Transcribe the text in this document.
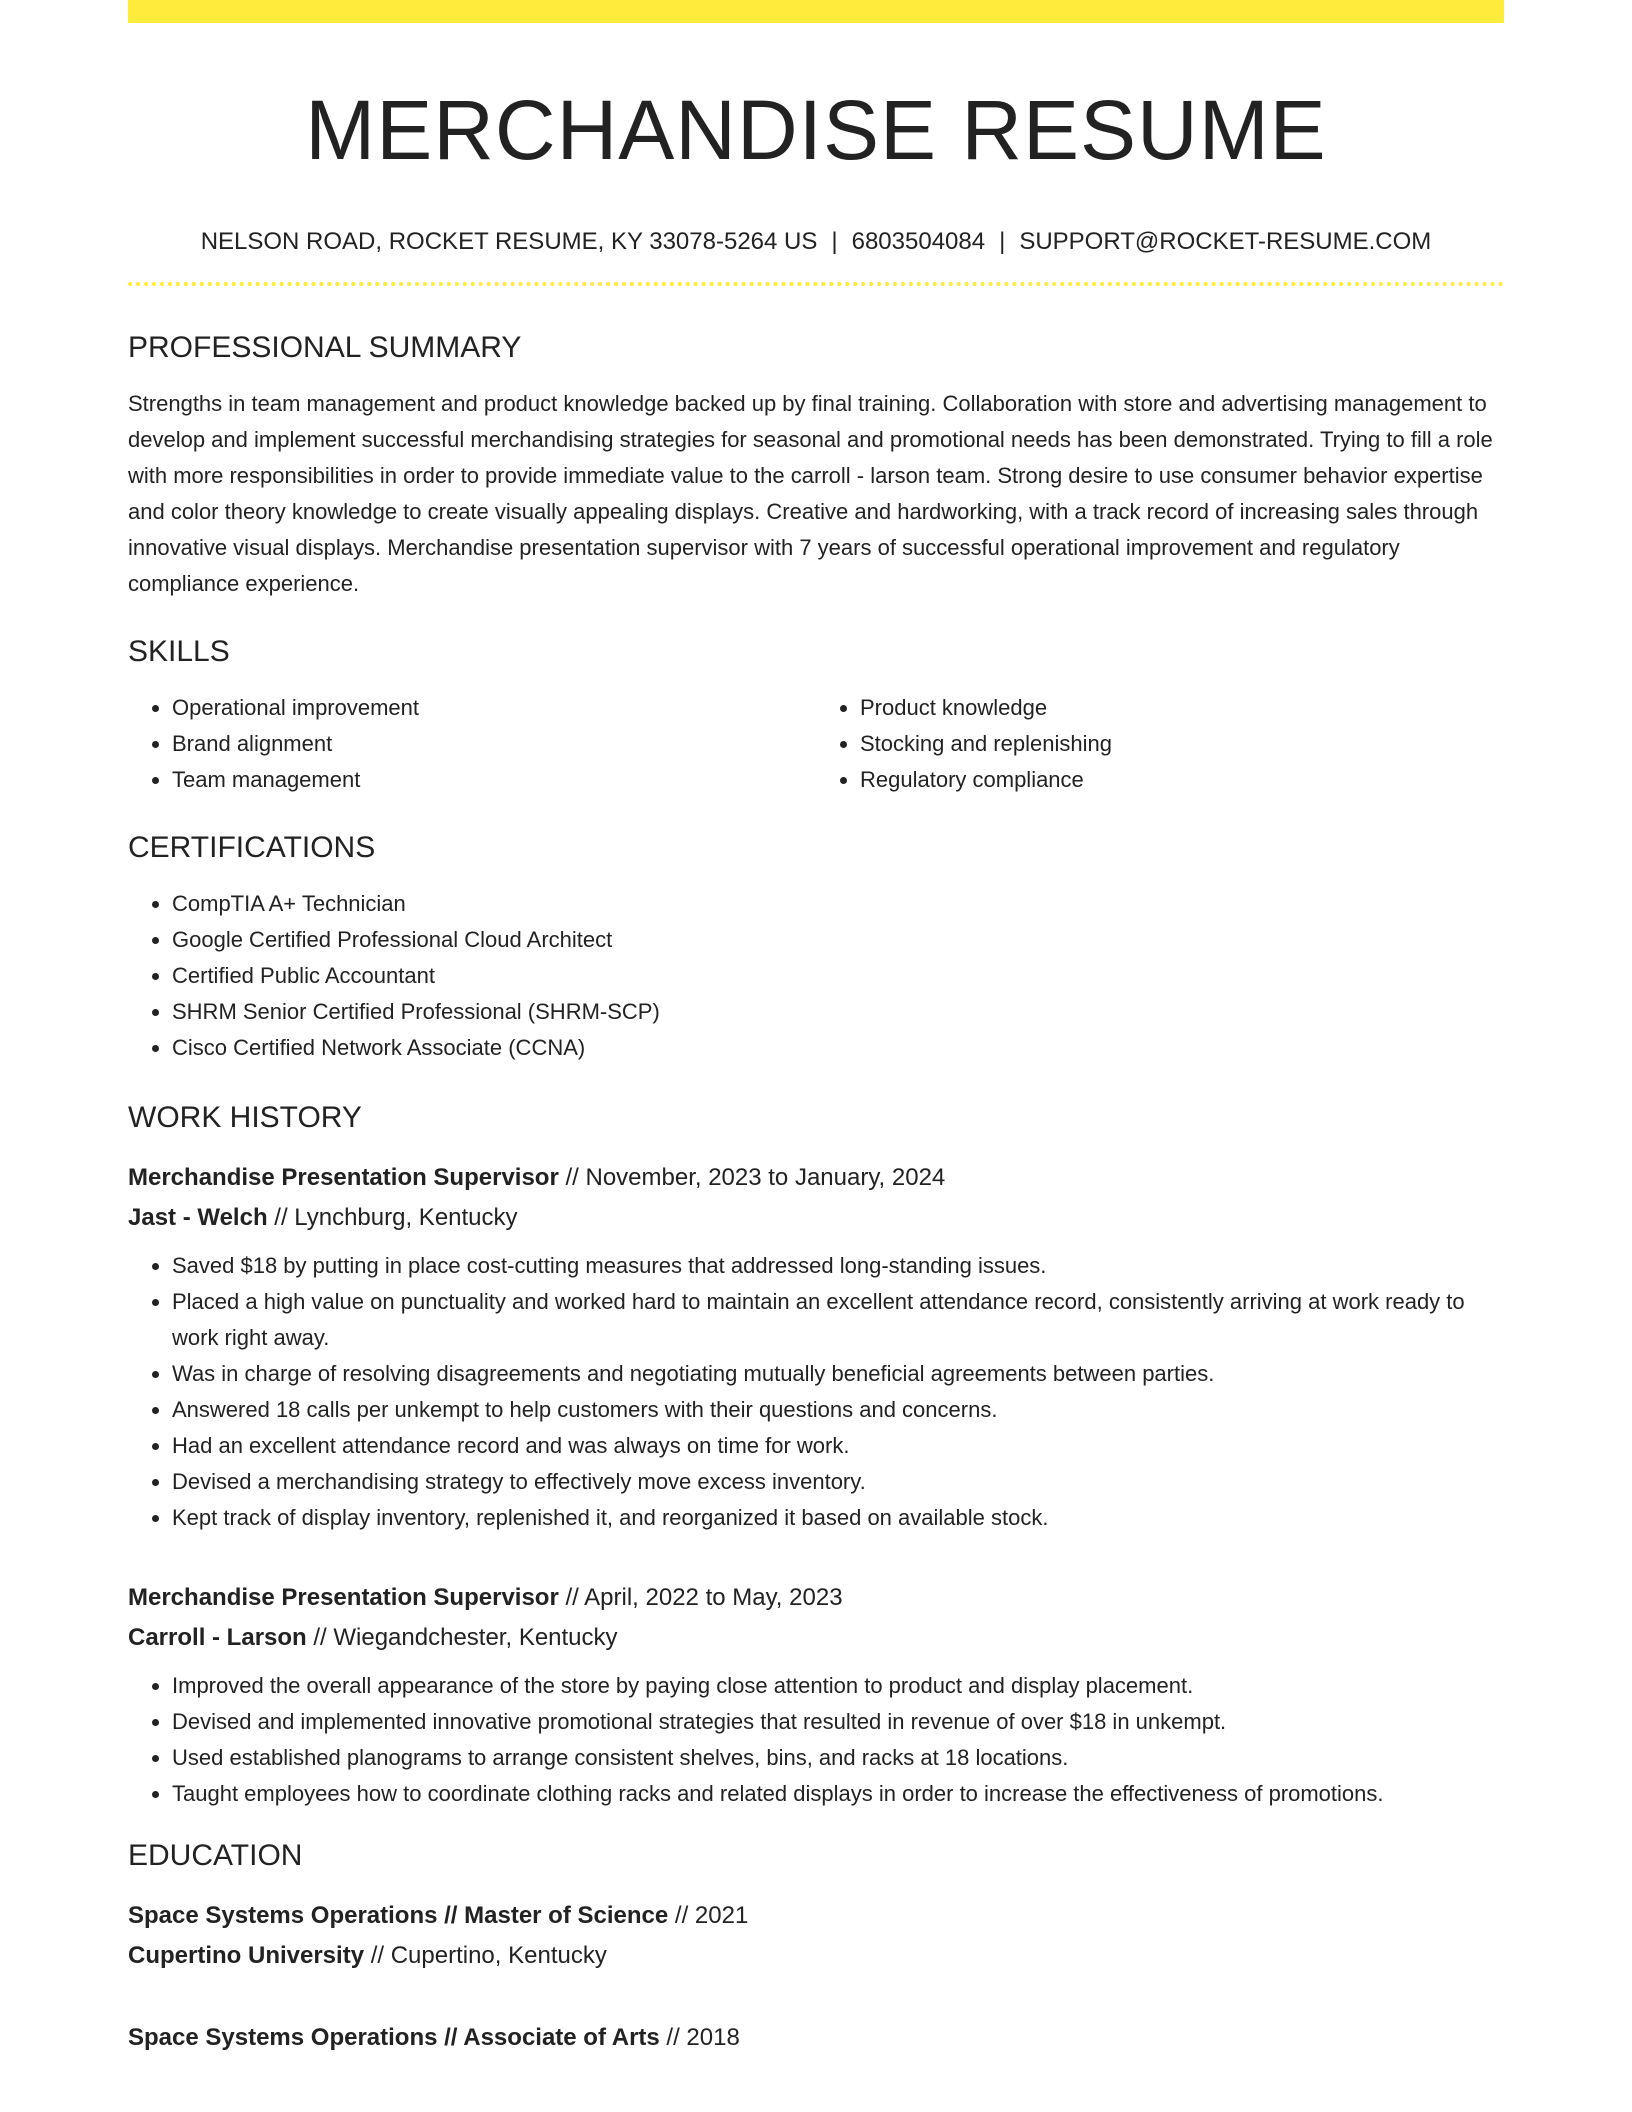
MERCHANDISE RESUME
NELSON ROAD, ROCKET RESUME, KY 33078-5264 US | 6803504084 | SUPPORT@ROCKET-RESUME.COM
PROFESSIONAL SUMMARY

Strengths in team management and product knowledge backed up by final training. Collaboration with store and advertising management to develop and implement successful merchandising strategies for seasonal and promotional needs has been demonstrated. Trying to fill a role with more responsibilities in order to provide immediate value to the carroll - larson team. Strong desire to use consumer behavior expertise and color theory knowledge to create visually appealing displays. Creative and hardworking, with a track record of increasing sales through innovative visual displays. Merchandise presentation supervisor with 7 years of successful operational improvement and regulatory compliance experience.

SKILLS
• Operational improvement
• Brand alignment
• Team management
• Product knowledge
• Stocking and replenishing
• Regulatory compliance
CERTIFICATIONS
• CompTIA A+ Technician
• Google Certified Professional Cloud Architect
• Certified Public Accountant
• SHRM Senior Certified Professional (SHRM-SCP)
• Cisco Certified Network Associate (CCNA)
WORK HISTORY
Merchandise Presentation Supervisor // November, 2023 to January, 2024
Jast - Welch // Lynchburg, Kentucky
• Saved $18 by putting in place cost-cutting measures that addressed long-standing issues.
• Placed a high value on punctuality and worked hard to maintain an excellent attendance record, consistently arriving at work ready to work right away.
• Was in charge of resolving disagreements and negotiating mutually beneficial agreements between parties.
• Answered 18 calls per unkempt to help customers with their questions and concerns.
• Had an excellent attendance record and was always on time for work.
• Devised a merchandising strategy to effectively move excess inventory.
• Kept track of display inventory, replenished it, and reorganized it based on available stock.
Merchandise Presentation Supervisor // April, 2022 to May, 2023
Carroll - Larson // Wiegandchester, Kentucky
• Improved the overall appearance of the store by paying close attention to product and display placement.
• Devised and implemented innovative promotional strategies that resulted in revenue of over $18 in unkempt.
• Used established planograms to arrange consistent shelves, bins, and racks at 18 locations.
• Taught employees how to coordinate clothing racks and related displays in order to increase the effectiveness of promotions.
EDUCATION
Space Systems Operations // Master of Science // 2021
Cupertino University // Cupertino, Kentucky
Space Systems Operations // Associate of Arts // 2018
